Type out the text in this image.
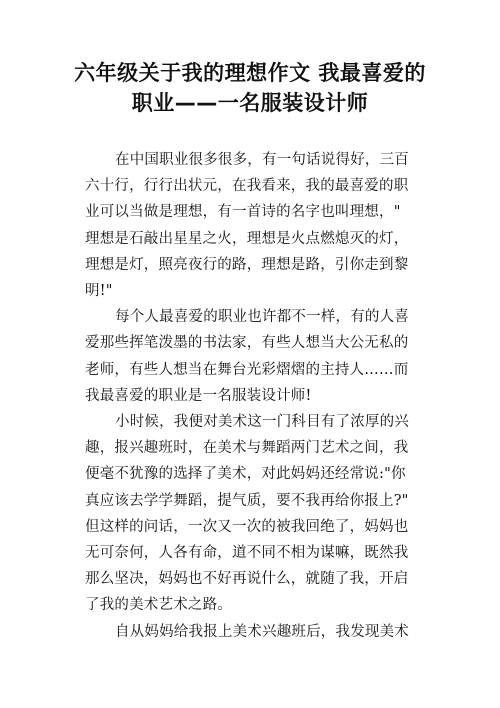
六年级关于我的理想作文 我最喜爱的
职业——一名服装设计师

在中国职业很多很多，有一句话说得好，三百
六十行，行行出状元，在我看来，我的最喜爱的职
业可以当做是理想，有一首诗的名字也叫理想，"
理想是石敲出星星之火，理想是火点燃熄灭的灯，
理想是灯，照亮夜行的路，理想是路，引你走到黎
明!"

每个人最喜爱的职业也许都不一样，有的人喜
爱那些挥笔泼墨的书法家，有些人想当大公无私的
老师，有些人想当在舞台光彩熠熠的主持人……而
我最喜爱的职业是一名服装设计师!

小时候，我便对美术这一门科目有了浓厚的兴
趣，报兴趣班时，在美术与舞蹈两门艺术之间，我
便毫不犹豫的选择了美术，对此妈妈还经常说:"你
真应该去学学舞蹈，提气质，要不我再给你报上?"
但这样的问话，一次又一次的被我回绝了，妈妈也
无可奈何，人各有命，道不同不相为谋嘛，既然我
那么坚决，妈妈也不好再说什么，就随了我，开启
了我的美术艺术之路。

自从妈妈给我报上美术兴趣班后，我发现美术
